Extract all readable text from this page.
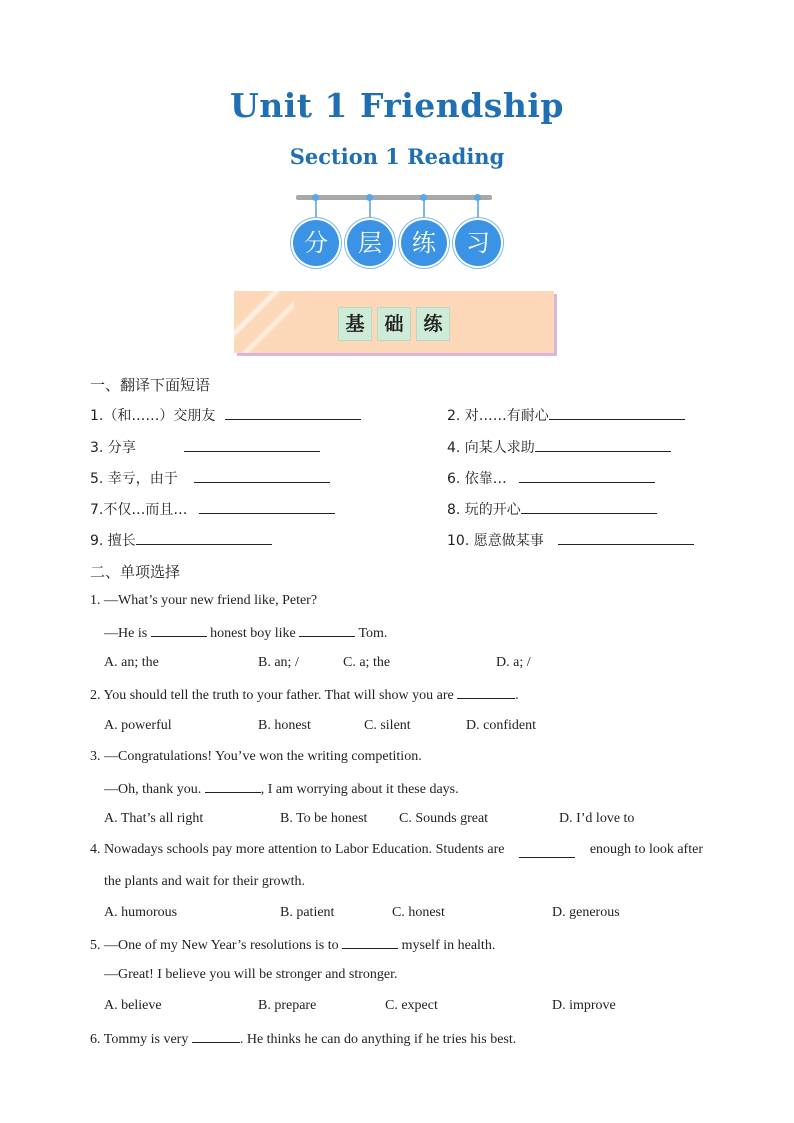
Unit 1 Friendship
Section 1 Reading
分	层	练	习
基	础	练
一、翻译下面短语
1.（和……）交朋友	2. 对……有耐心
3. 分享	4. 向某人求助
5. 幸亏，由于	6. 依靠…
7.不仅…而且…	8. 玩的开心
9. 擅长	10. 愿意做某事
二、单项选择
1. —What’s your new friend like, Peter?
—He is	honest boy like	Tom.
A. an; the	B. an; /	C. a; the	D. a; /
2. You should tell the truth to your father. That will show you are	.
A. powerful	B. honest	C. silent	D. confident
3. —Congratulations! You’ve won the writing competition.
—Oh, thank you.	, I am worrying about it these days.
A. That’s all right	B. To be honest C. Sounds great	D. I’d love to
4. Nowadays schools pay more attention to Labor Education. Students are	enough to look after
the plants and wait for their growth.
A. humorous	B. patient	C. honest	D. generous
5. —One of my New Year’s resolutions is to	myself in health.
—Great! I believe you will be stronger and stronger.
A. believe	B. prepare	C. expect	D. improve
6. Tommy is very	. He thinks he can do anything if he tries his best.
